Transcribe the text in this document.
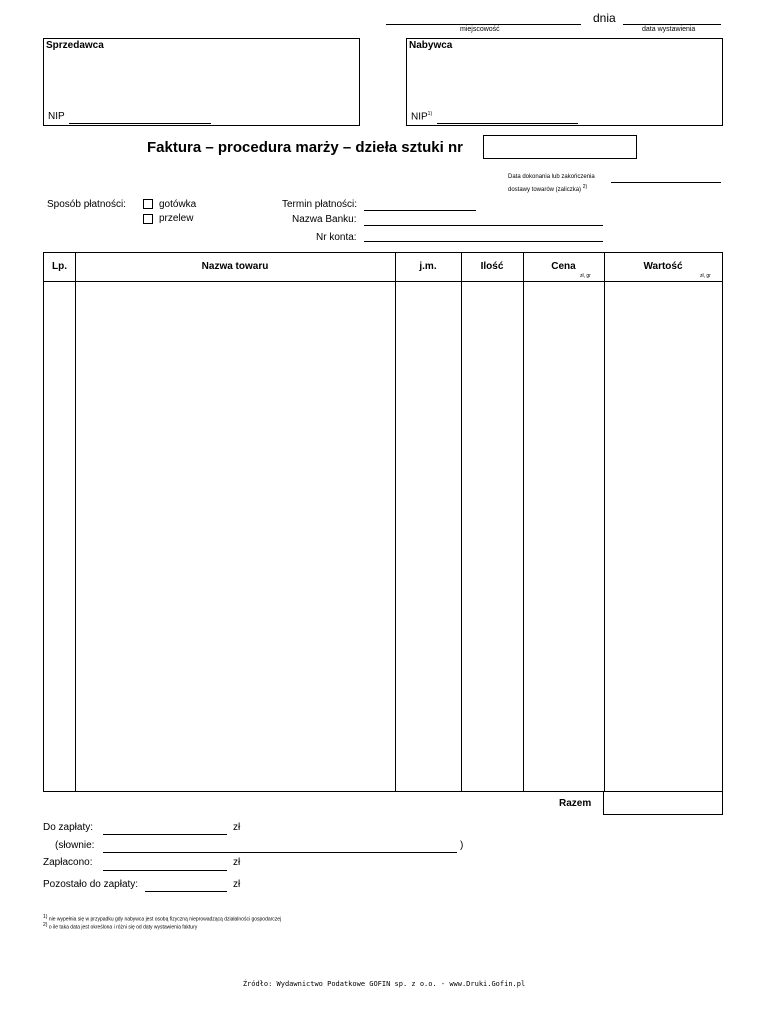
dnia
miejscowość	data wystawienia
Sprzedawca
NIP
Nabywca
NIP$^{1)}$
Faktura – procedura marży – dzieła sztuki nr
Data dokonania lub zakończenia
dostawy towarów (zaliczka) $^{2)}$
Sposób płatności:	gotówka
przelew
Termin płatności:
Nazwa Banku:
Nr konta:
Lp.	Nazwa towaru	j.m.	Ilość	Cena	Wartość
zł, gr	zł, gr
Razem
Do zapłaty:	zł
(słownie:	)
Zapłacono:	zł
Pozostało do zapłaty:	zł
$^{1)}$ nie wypełnia się w przypadku gdy nabywca jest osobą fizyczną nieprowadzącą działalności gospodarczej
$^{2)}$ o ile taka data jest określona i różni się od daty wystawienia faktury
Źródło: Wydawnictwo Podatkowe GOFIN sp. z o.o. - www.Druki.Gofin.pl
